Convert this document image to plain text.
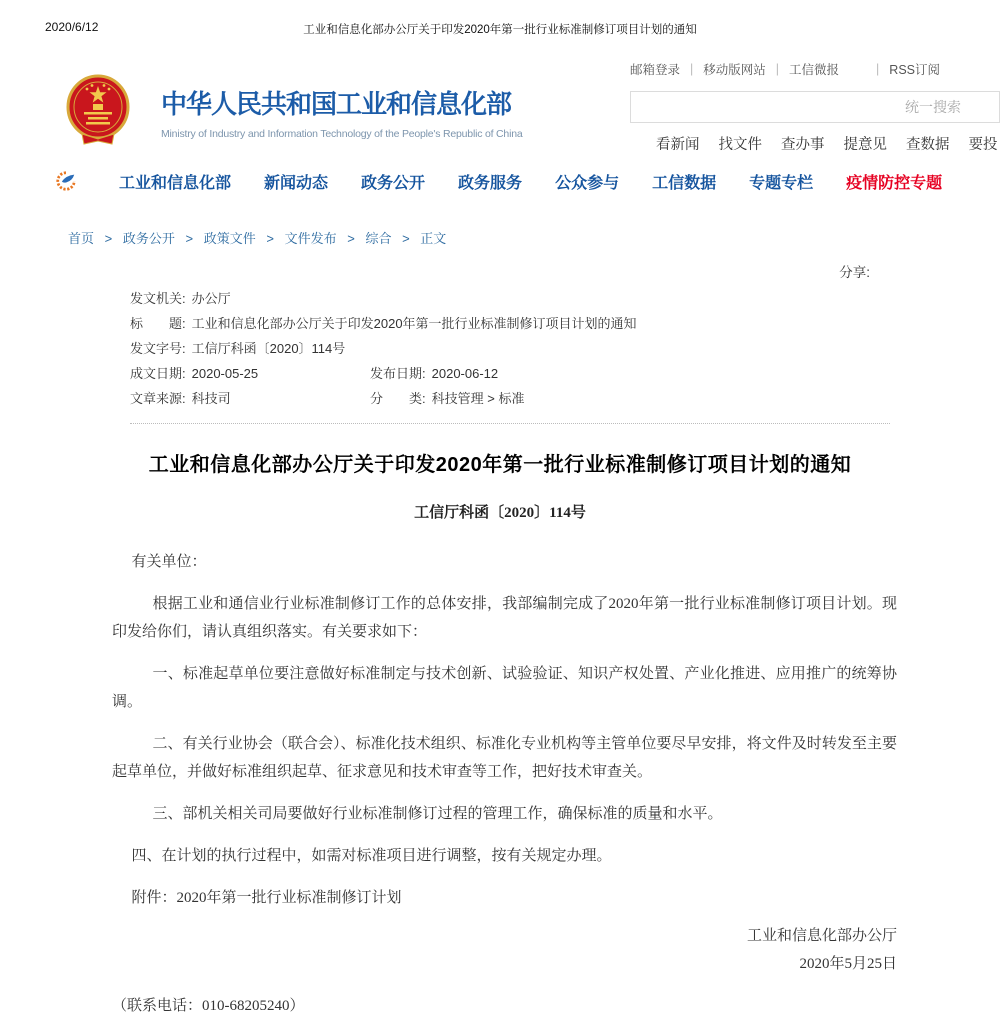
2020/6/12	工业和信息化部办公厅关于印发2020年第一批行业标准制修订项目计划的通知
中华人民共和国工业和信息化部
Ministry of Industry and Information Technology of the People's Republic of China
邮箱登录 | 移动版网站 | 工信微报	| RSS订阅
统一搜索
看新闻 找文件 查办事 提意见 查数据 要投
工业和信息化部 新闻动态 政务公开 政务服务 公众参与 工信数据 专题专栏 疫情防控专题
首页 > 政务公开 > 政策文件 > 文件发布 > 综合 > 正文
分享:
发文机关: 办公厅
标　　题: 工业和信息化部办公厅关于印发2020年第一批行业标准制修订项目计划的通知
发文字号: 工信厅科函〔2020〕114号
成文日期: 2020-05-25	发布日期: 2020-06-12
文章来源: 科技司	分　　类: 科技管理 > 标准
工业和信息化部办公厅关于印发2020年第一批行业标准制修订项目计划的通知
工信厅科函〔2020〕114号

有关单位：

根据工业和通信业行业标准制修订工作的总体安排，我部编制完成了2020年第一批行业标准制修订项目计划。现印发给你们，请认真组织落实。有关要求如下：

一、标准起草单位要注意做好标准制定与技术创新、试验验证、知识产权处置、产业化推进、应用推广的统筹协调。

二、有关行业协会（联合会）、标准化技术组织、标准化专业机构等主管单位要尽早安排，将文件及时转发至主要起草单位，并做好标准组织起草、征求意见和技术审查等工作，把好技术审查关。

三、部机关相关司局要做好行业标准制修订过程的管理工作，确保标准的质量和水平。

四、在计划的执行过程中，如需对标准项目进行调整，按有关规定办理。

附件：2020年第一批行业标准制修订计划

工业和信息化部办公厅
2020年5月25日

（联系电话：010-68205240）
